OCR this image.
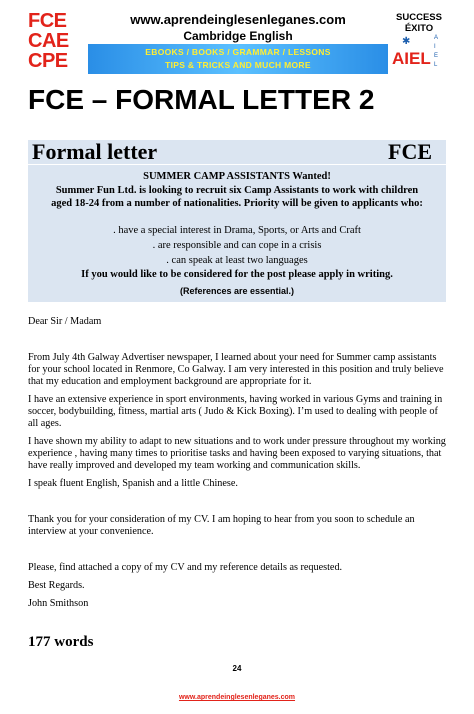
FCE
CAE
CPE
www.aprendeinglesenleganes.com
Cambridge English
EBOOKS / BOOKS / GRAMMAR / LESSONS
TIPS & TRICKS AND MUCH MORE
SUCCESS
ÉXITO
✱
AIEL
A
I
E
L
FCE – FORMAL LETTER 2
Formal letter	FCE
SUMMER CAMP ASSISTANTS Wanted!
Summer Fun Ltd. is looking to recruit six Camp Assistants to work with children
aged 18-24 from a number of nationalities. Priority will be given to applicants who:
. have a special interest in Drama, Sports, or Arts and Craft
. are responsible and can cope in a crisis
. can speak at least two languages
If you would like to be considered for the post please apply in writing.
(References are essential.)
Dear Sir / Madam
From July 4th Galway Advertiser newspaper, I learned about your need for Summer camp assistants for your school located in Renmore, Co Galway. I am very interested in this position and truly believe that my education and employment background are appropriate for it.
I have an extensive experience in sport environments, having worked in various Gyms and training in soccer, bodybuilding, fitness, martial arts ( Judo & Kick Boxing). I’m used to dealing with people of all ages.
I have shown my ability to adapt to new situations and to work under pressure throughout my working experience , having many times to prioritise tasks and having been exposed to varying situations, that have really improved and developed my team working and communication skills.
I speak fluent English, Spanish and a little Chinese.
Thank you for your consideration of my CV. I am hoping to hear from you soon to schedule an interview at your convenience.
Please, find attached a copy of my CV and my reference details as requested.
Best Regards.
John Smithson
177 words
24
www.aprendeinglesenleganes.com
